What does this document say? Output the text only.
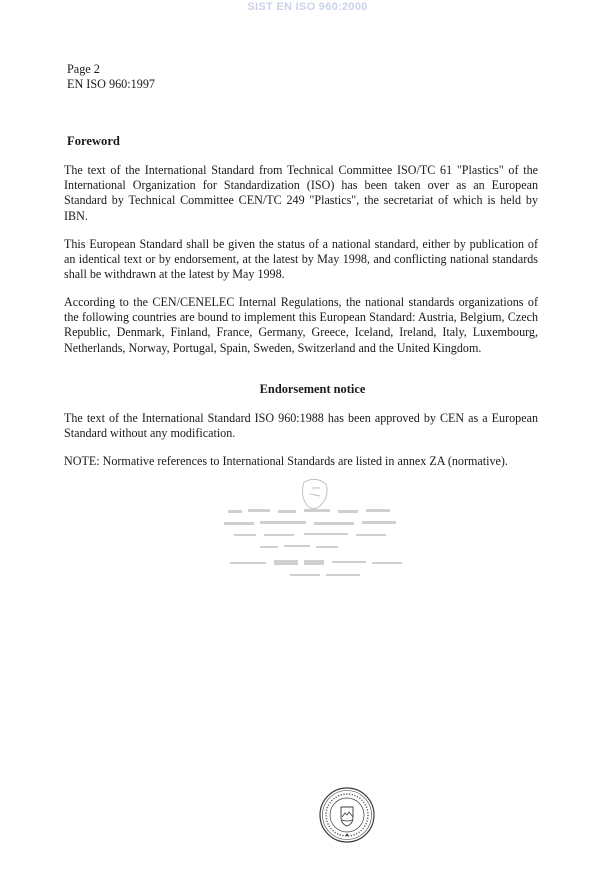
SIST EN ISO 960:2000
Page 2
EN ISO 960:1997
Foreword

The text of the International Standard from Technical Committee ISO/TC 61 "Plastics" of the International Organization for Standardization (ISO) has been taken over as an European Standard by Technical Committee CEN/TC 249 "Plastics", the secretariat of which is held by IBN.

This European Standard shall be given the status of a national standard, either by publication of an identical text or by endorsement, at the latest by May 1998, and conflicting national standards shall be withdrawn at the latest by May 1998.

According to the CEN/CENELEC Internal Regulations, the national standards organizations of the following countries are bound to implement this European Standard: Austria, Belgium, Czech Republic, Denmark, Finland, France, Germany, Greece, Iceland, Ireland, Italy, Luxembourg, Netherlands, Norway, Portugal, Spain, Sweden, Switzerland and the United Kingdom.

Endorsement notice

The text of the International Standard ISO 960:1988 has been approved by CEN as a European Standard without any modification.

NOTE: Normative references to International Standards are listed in annex ZA (normative).
